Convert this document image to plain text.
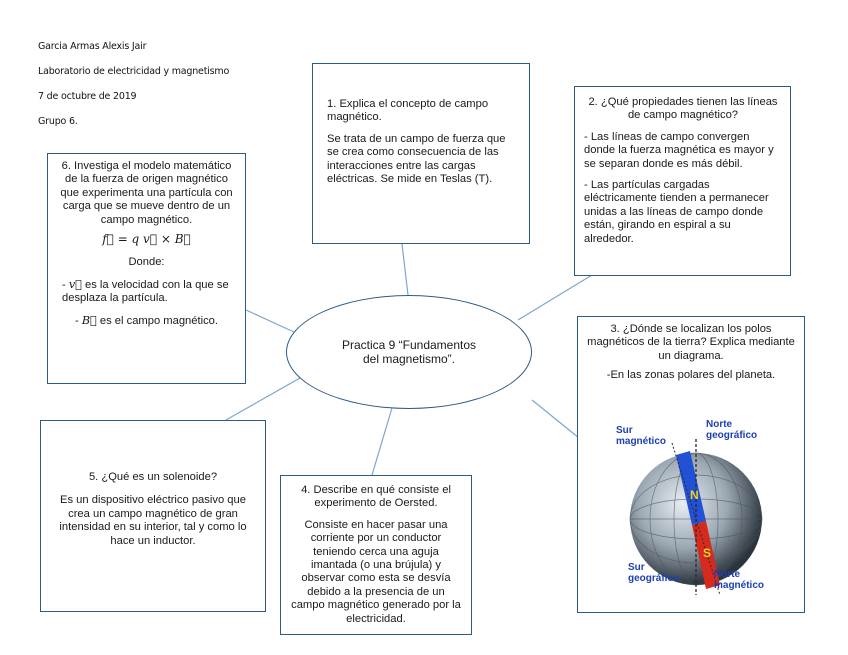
Garcia Armas Alexis Jair
Laboratorio de electricidad y magnetismo
7 de octubre de 2019
Grupo 6.

1. Explica el concepto de campo magnético.

Se trata de un campo de fuerza que se crea como consecuencia de las interacciones entre las cargas eléctricas. Se mide en Teslas (T).

2. ¿Qué propiedades tienen las líneas de campo magnético?

- Las líneas de campo convergen donde la fuerza magnética es mayor y se separan donde es más débil.

- Las partículas cargadas eléctricamente tienden a permanecer unidas a las líneas de campo donde están, girando en espiral a su alrededor.

6. Investiga el modelo matemático de la fuerza de origen magnético que experimenta una partícula con carga que se mueve dentro de un campo magnético.

f⃗ = q v⃗ × B⃗

Donde:

- v⃗ es la velocidad con la que se desplaza la partícula.

- B⃗ es el campo magnético.

Practica 9 “Fundamentos del magnetismo”.

3. ¿Dónde se localizan los polos magnéticos de la tierra? Explica mediante un diagrama.

-En las zonas polares del planeta.

N
S
Sur magnético
Norte geográfico
Sur geográfico	Norte magnético

5. ¿Qué es un solenoide?

Es un dispositivo eléctrico pasivo que crea un campo magnético de gran intensidad en su interior, tal y como lo hace un inductor.

4. Describe en qué consiste el experimento de Oersted.

Consiste en hacer pasar una corriente por un conductor teniendo cerca una aguja imantada (o una brújula) y observar como esta se desvía debido a la presencia de un campo magnético generado por la electricidad.
